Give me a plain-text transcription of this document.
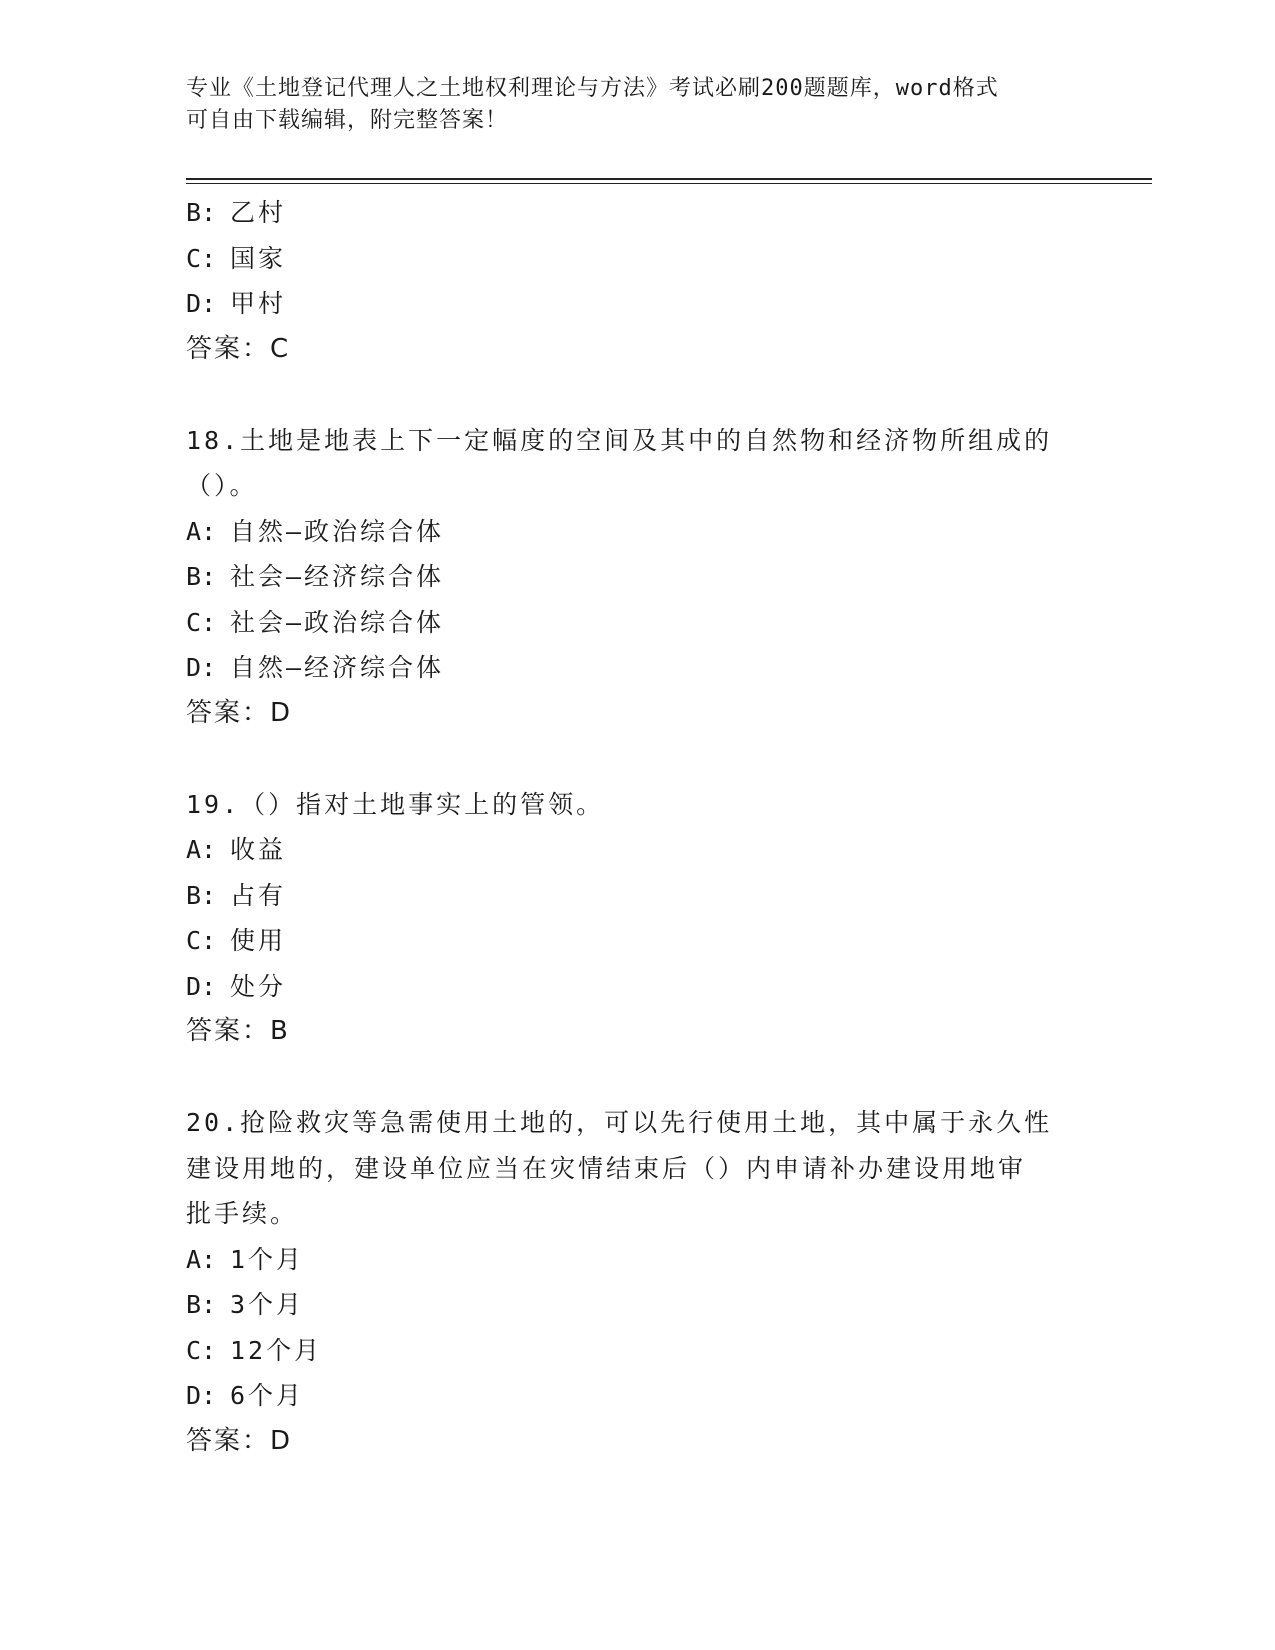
专业《土地登记代理人之土地权利理论与方法》考试必刷200题题库，word格式
可自由下载编辑，附完整答案！
B: 乙村
C: 国家
D: 甲村
答案：C
18.土地是地表上下一定幅度的空间及其中的自然物和经济物所组成的
（）。
A: 自然—政治综合体
B: 社会—经济综合体
C: 社会—政治综合体
D: 自然—经济综合体
答案：D
19.（）指对土地事实上的管领。
A: 收益
B: 占有
C: 使用
D: 处分
答案：B
20.抢险救灾等急需使用土地的，可以先行使用土地，其中属于永久性
建设用地的，建设单位应当在灾情结束后（）内申请补办建设用地审
批手续。
A: 1个月
B: 3个月
C: 12个月
D: 6个月
答案：D
